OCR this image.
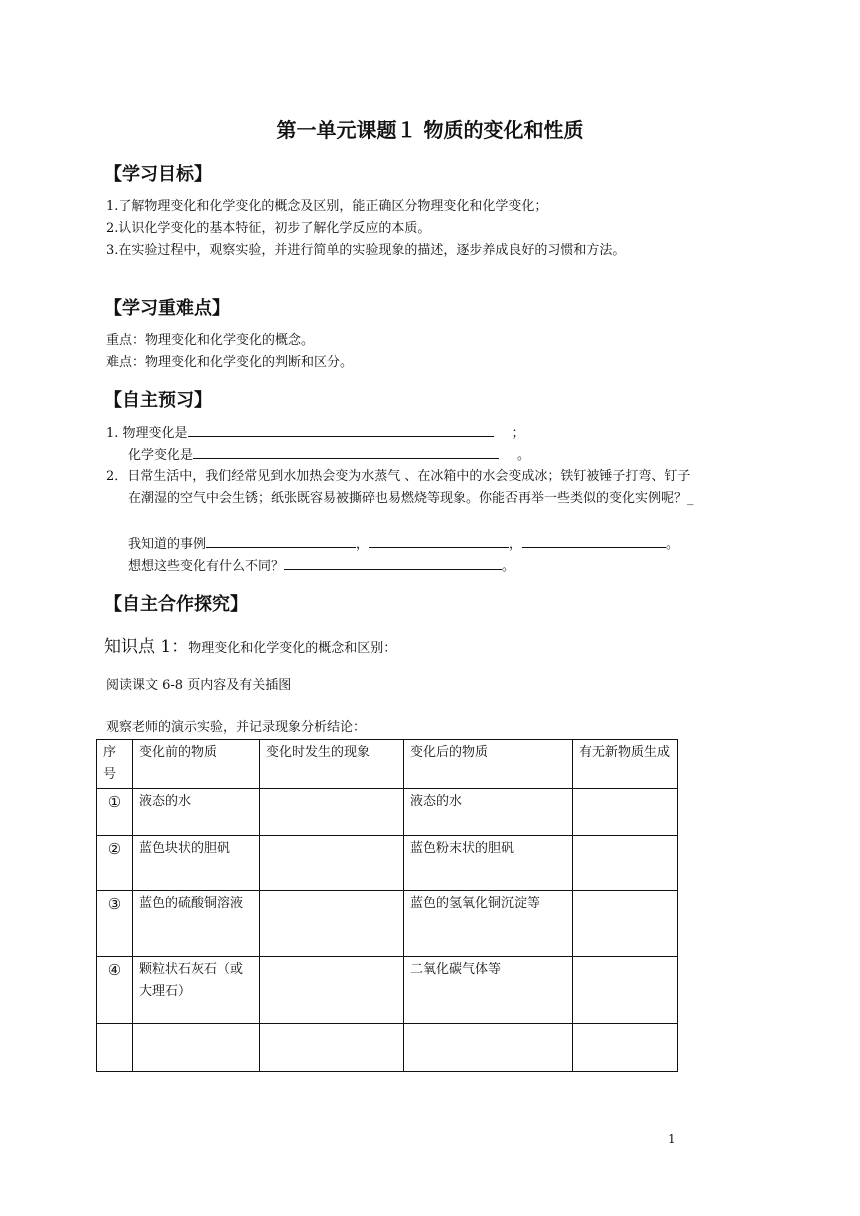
第一单元课题１ 物质的变化和性质
【学习目标】
1.了解物理变化和化学变化的概念及区别，能正确区分物理变化和化学变化；
2.认识化学变化的基本特征，初步了解化学反应的本质。
3.在实验过程中，观察实验，并进行简单的实验现象的描述，逐步养成良好的习惯和方法。
【学习重难点】
重点：物理变化和化学变化的概念。
难点：物理变化和化学变化的判断和区分。
【自主预习】
1. 物理变化是	；
化学变化是	。
2．日常生活中，我们经常见到水加热会变为水蒸气 、在冰箱中的水会变成冰；铁钉被锤子打弯、钉子在潮湿的空气中会生锈；纸张既容易被撕碎也易燃烧等现象。你能否再举一些类似的变化实例呢？_
我知道的事例	，	，	。
想想这些变化有什么不同？	。
【自主合作探究】
知识点 1：物理变化和化学变化的概念和区别：
阅读课文 6-8 页内容及有关插图
观察老师的演示实验，并记录现象分析结论：
序号	变化前的物质	变化时发生的现象	变化后的物质	有无新物质生成
①	液态的水		液态的水	
②	蓝色块状的胆矾		蓝色粉末状的胆矾	
③	蓝色的硫酸铜溶液		蓝色的氢氧化铜沉淀等	
④	颗粒状石灰石（或大理石）		二氧化碳气体等	

1
